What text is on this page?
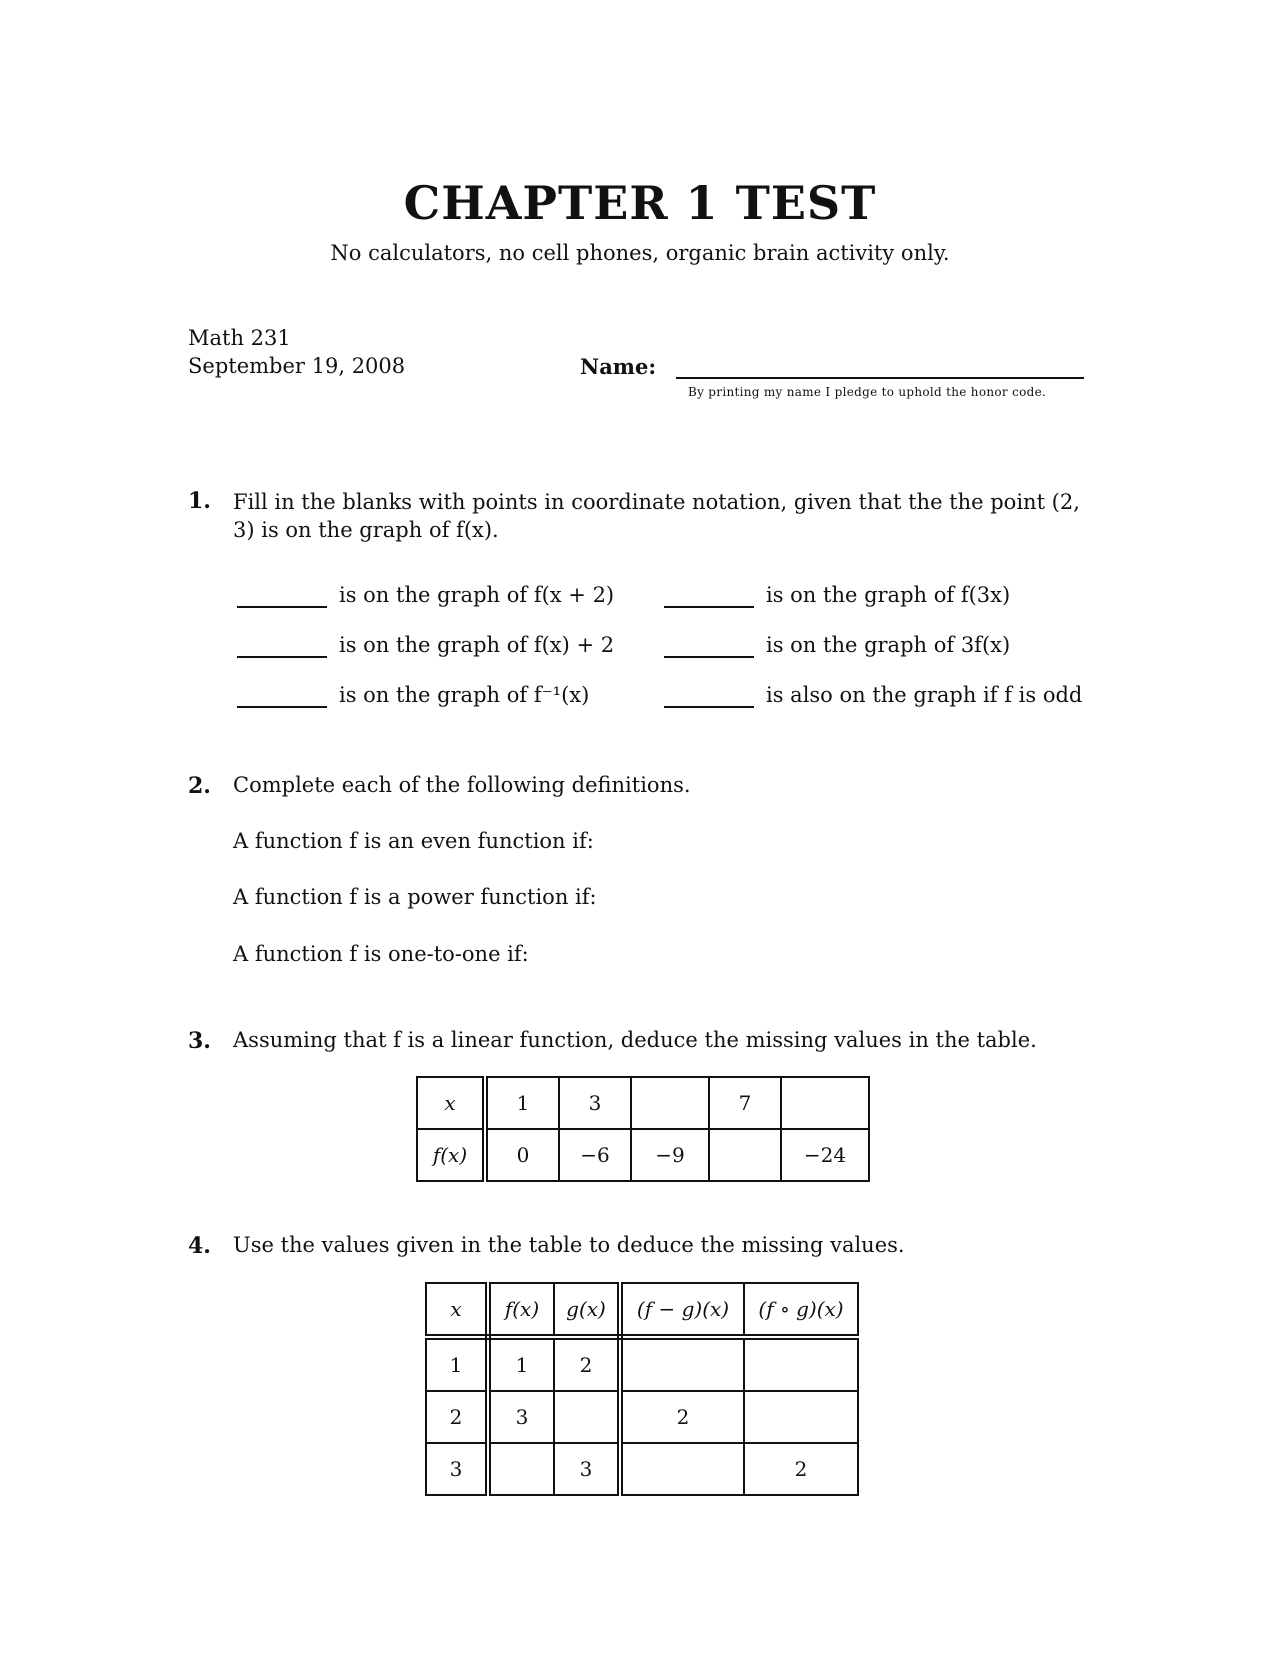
CHAPTER 1 TEST
No calculators, no cell phones, organic brain activity only.
Math 231
September 19, 2008	Name:
By printing my name I pledge to uphold the honor code.
1. Fill in the blanks with points in coordinate notation, given that the the point (2, 3) is on the graph of f(x).
is on the graph of f(x + 2)
is on the graph of f(x) + 2
is on the graph of f⁻¹(x)
is on the graph of f(3x)
is on the graph of 3f(x)
is also on the graph if f is odd
2. Complete each of the following definitions.
A function f is an even function if:
A function f is a power function if:
A function f is one-to-one if:
3. Assuming that f is a linear function, deduce the missing values in the table.
x	1	3		7	
f(x)	0	−6	−9		−24
4. Use the values given in the table to deduce the missing values.
x	f(x)	g(x)	(f − g)(x)	(f ∘ g)(x)
1	1	2		
2	3		2	
3		3		2
